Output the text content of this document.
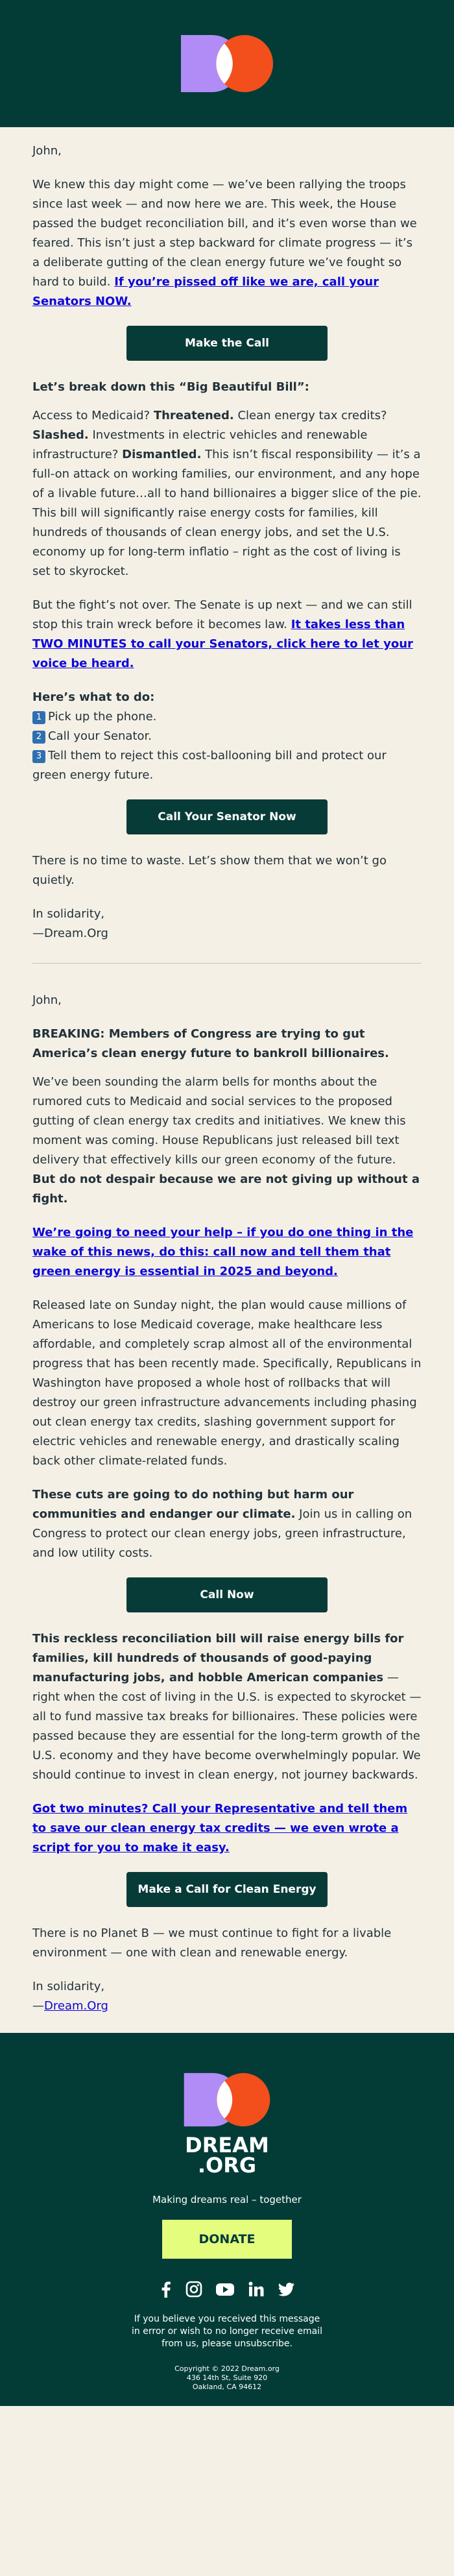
John,

We knew this day might come — we’ve been rallying the troops since last week — and now here we are. This week, the House passed the budget reconciliation bill, and it’s even worse than we feared. This isn’t just a step backward for climate progress — it’s a deliberate gutting of the clean energy future we’ve fought so hard to build. If you’re pissed off like we are, call your Senators NOW.

Make the Call

Let’s break down this “Big Beautiful Bill”:

Access to Medicaid? Threatened. Clean energy tax credits? Slashed. Investments in electric vehicles and renewable infrastructure? Dismantled. This isn’t fiscal responsibility — it’s a full-on attack on working families, our environment, and any hope of a livable future…all to hand billionaires a bigger slice of the pie. This bill will significantly raise energy costs for families, kill hundreds of thousands of clean energy jobs, and set the U.S. economy up for long-term inflatio – right as the cost of living is set to skyrocket.

But the fight’s not over. The Senate is up next — and we can still stop this train wreck before it becomes law. It takes less than TWO MINUTES to call your Senators, click here to let your voice be heard.

Here’s what to do:

1 Pick up the phone.
2 Call your Senator.
3 Tell them to reject this cost-ballooning bill and protect our green energy future.
Call Your Senator Now

There is no time to waste. Let’s show them that we won’t go quietly.

In solidarity,

—Dream.Org

John,

BREAKING: Members of Congress are trying to gut America’s clean energy future to bankroll billionaires.

We’ve been sounding the alarm bells for months about the rumored cuts to Medicaid and social services to the proposed gutting of clean energy tax credits and initiatives. We knew this moment was coming. House Republicans just released bill text delivery that effectively kills our green economy of the future. But do not despair because we are not giving up without a fight.

We’re going to need your help – if you do one thing in the wake of this news, do this: call now and tell them that green energy is essential in 2025 and beyond.

Released late on Sunday night, the plan would cause millions of Americans to lose Medicaid coverage, make healthcare less affordable, and completely scrap almost all of the environmental progress that has been recently made. Specifically, Republicans in Washington have proposed a whole host of rollbacks that will destroy our green infrastructure advancements including phasing out clean energy tax credits, slashing government support for electric vehicles and renewable energy, and drastically scaling back other climate-related funds.

These cuts are going to do nothing but harm our communities and endanger our climate. Join us in calling on Congress to protect our clean energy jobs, green infrastructure, and low utility costs.

Call Now

This reckless reconciliation bill will raise energy bills for families, kill hundreds of thousands of good-paying manufacturing jobs, and hobble American companies — right when the cost of living in the U.S. is expected to skyrocket — all to fund massive tax breaks for billionaires. These policies were passed because they are essential for the long-term growth of the U.S. economy and they have become overwhelmingly popular. We should continue to invest in clean energy, not journey backwards.

Got two minutes? Call your Representative and tell them to save our clean energy tax credits — we even wrote a script for you to make it easy.

Make a Call for Clean Energy

There is no Planet B — we must continue to fight for a livable environment — one with clean and renewable energy.

In solidarity,

—Dream.Org

DREAM
.ORG
Making dreams real – together
DONATE
If you believe you received this message in error or wish to no longer receive email from us, please unsubscribe.
Copyright © 2022 Dream.org
436 14th St, Suite 920
Oakland, CA 94612
